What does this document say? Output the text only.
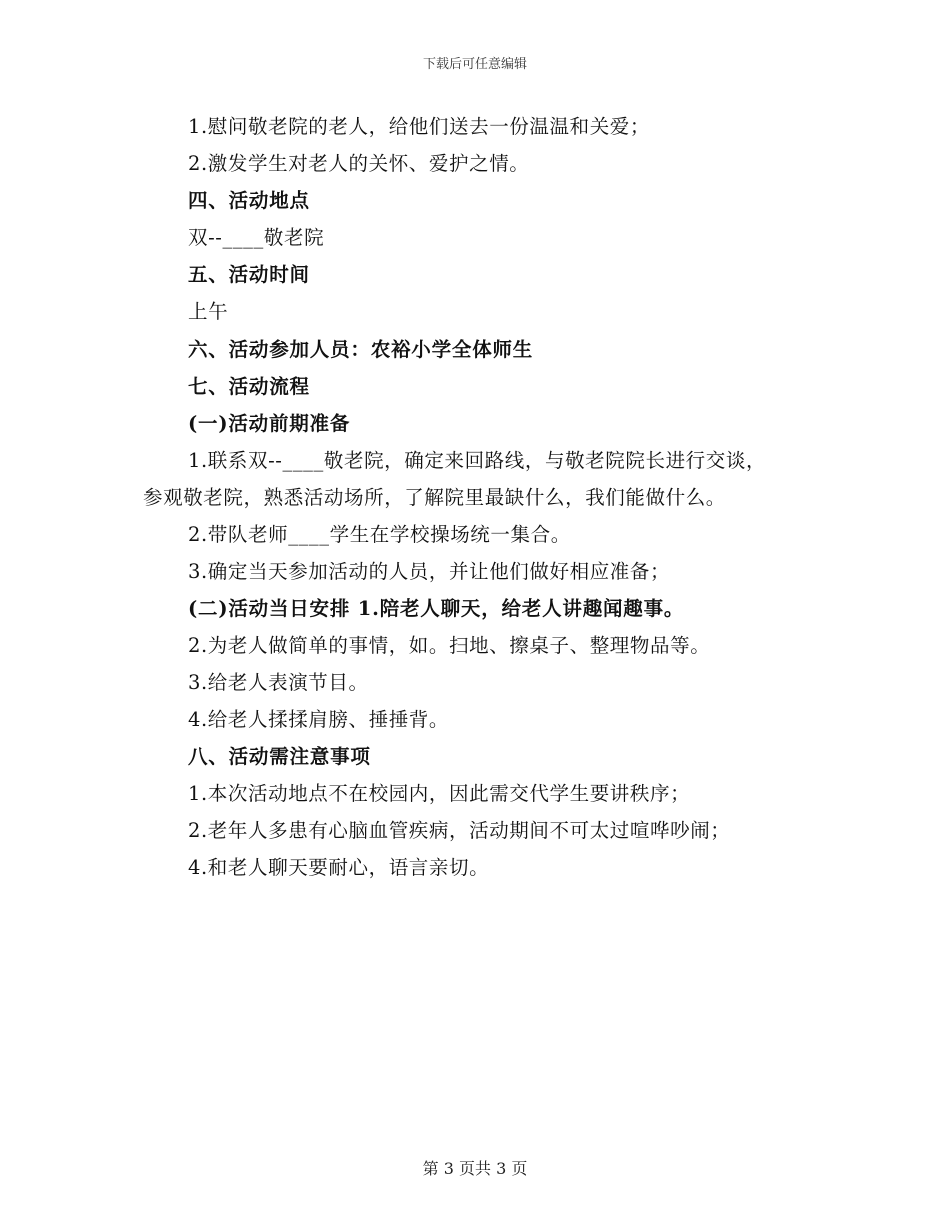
下载后可任意编辑
1.慰问敬老院的老人，给他们送去一份温温和关爱；
2.激发学生对老人的关怀、爱护之情。
四、活动地点
双--____敬老院
五、活动时间
上午
六、活动参加人员：农裕小学全体师生
七、活动流程
(一)活动前期准备
1.联系双--____敬老院，确定来回路线，与敬老院院长进行交谈，
参观敬老院，熟悉活动场所，了解院里最缺什么，我们能做什么。
2.带队老师____学生在学校操场统一集合。
3.确定当天参加活动的人员，并让他们做好相应准备；
(二)活动当日安排 1.陪老人聊天，给老人讲趣闻趣事。
2.为老人做简单的事情，如。扫地、擦桌子、整理物品等。
3.给老人表演节目。
4.给老人揉揉肩膀、捶捶背。
八、活动需注意事项
1.本次活动地点不在校园内，因此需交代学生要讲秩序；
2.老年人多患有心脑血管疾病，活动期间不可太过喧哗吵闹；
4.和老人聊天要耐心，语言亲切。
第 3 页共 3 页
